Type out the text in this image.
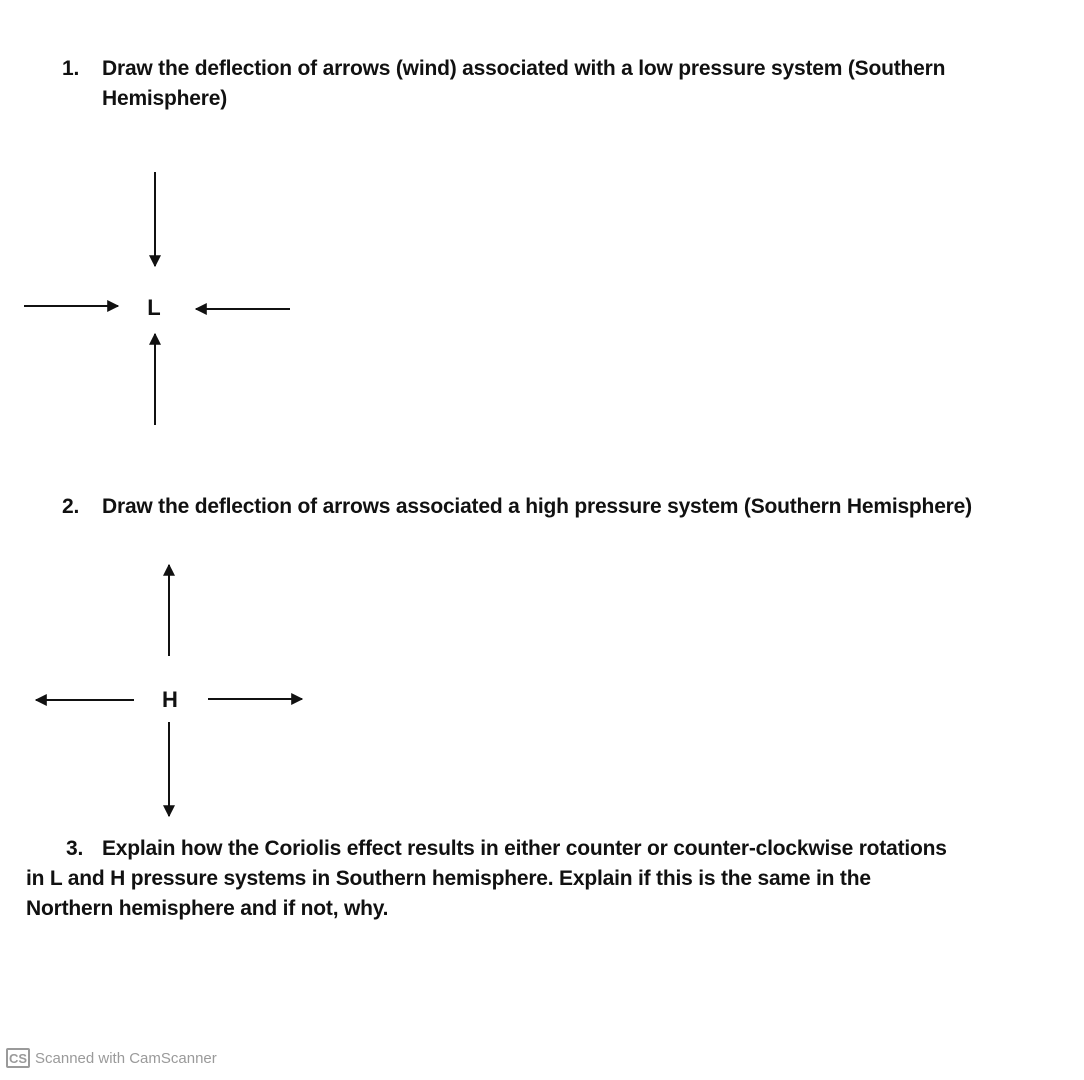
1. Draw the deflection of arrows (wind) associated with a low pressure system (Southern
Hemisphere)
L
2. Draw the deflection of arrows associated a high pressure system (Southern Hemisphere)
H
3. Explain how the Coriolis effect results in either counter or counter-clockwise rotations
in L and H pressure systems in Southern hemisphere. Explain if this is the same in the
Northern hemisphere and if not, why.
CS Scanned with CamScanner
